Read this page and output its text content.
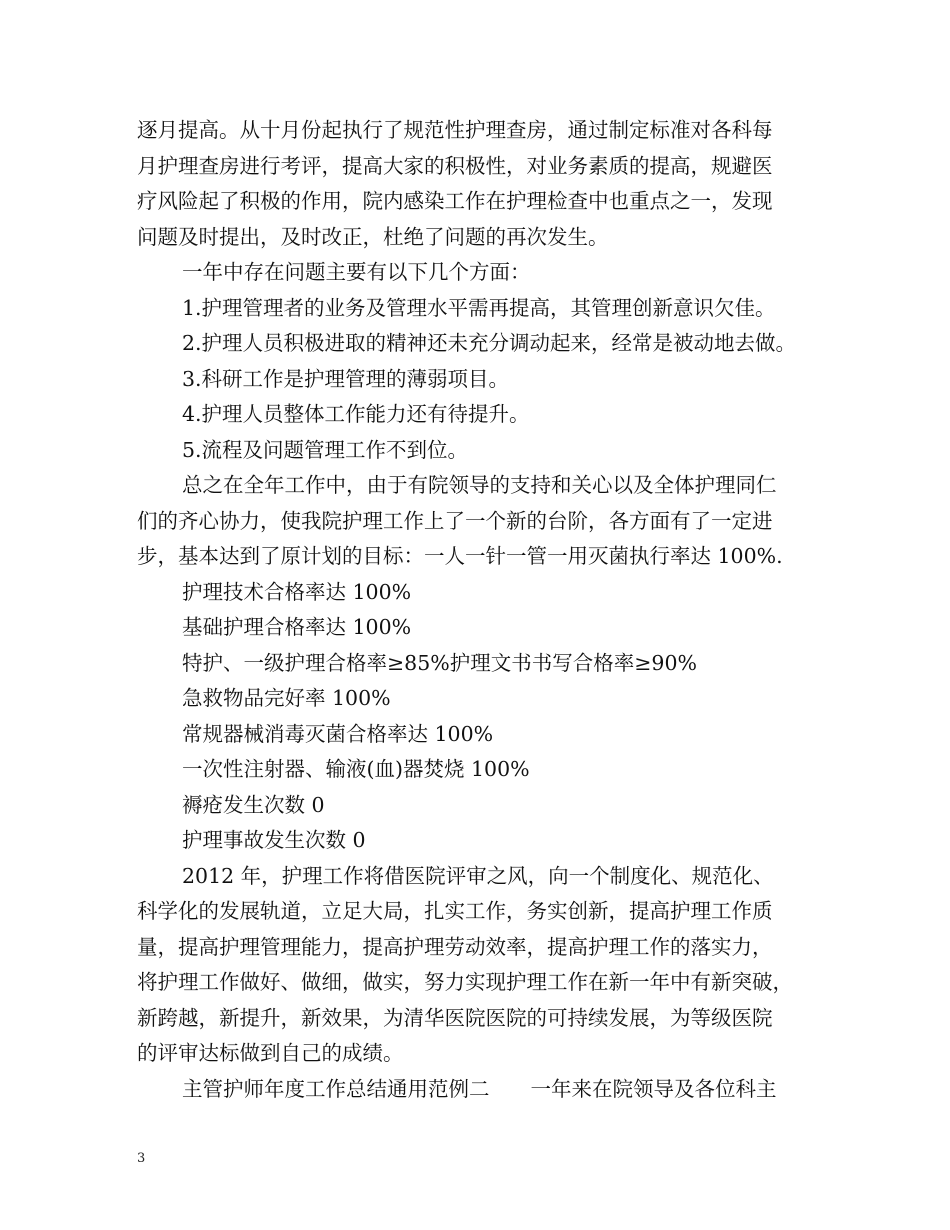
逐月提高。从十月份起执行了规范性护理查房，通过制定标准对各科每

月护理查房进行考评，提高大家的积极性，对业务素质的提高，规避医

疗风险起了积极的作用，院内感染工作在护理检查中也重点之一，发现

问题及时提出，及时改正，杜绝了问题的再次发生。

一年中存在问题主要有以下几个方面：

1.护理管理者的业务及管理水平需再提高，其管理创新意识欠佳。

2.护理人员积极进取的精神还未充分调动起来，经常是被动地去做。

3.科研工作是护理管理的薄弱项目。

4.护理人员整体工作能力还有待提升。

5.流程及问题管理工作不到位。

总之在全年工作中，由于有院领导的支持和关心以及全体护理同仁

们的齐心协力，使我院护理工作上了一个新的台阶，各方面有了一定进

步，基本达到了原计划的目标：一人一针一管一用灭菌执行率达 100%.

护理技术合格率达 100%

基础护理合格率达 100%

特护、一级护理合格率≥85%护理文书书写合格率≥90%

急救物品完好率 100%

常规器械消毒灭菌合格率达 100%

一次性注射器、输液(血)器焚烧 100%

褥疮发生次数 0

护理事故发生次数 0

2012 年，护理工作将借医院评审之风，向一个制度化、规范化、

科学化的发展轨道，立足大局，扎实工作，务实创新，提高护理工作质

量，提高护理管理能力，提高护理劳动效率，提高护理工作的落实力，

将护理工作做好、做细，做实，努力实现护理工作在新一年中有新突破，

新跨越，新提升，新效果，为清华医院医院的可持续发展，为等级医院

的评审达标做到自己的成绩。

主管护师年度工作总结通用范例二　　一年来在院领导及各位科主

3
